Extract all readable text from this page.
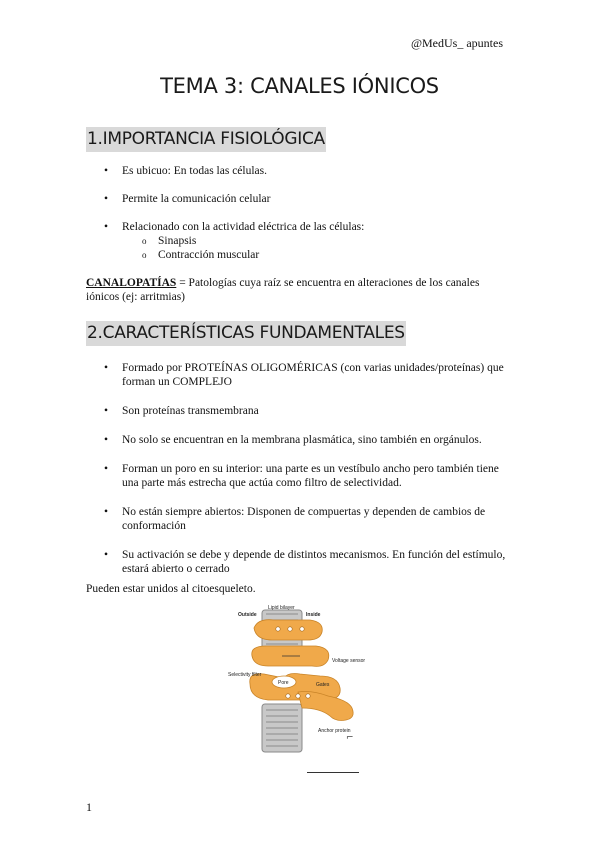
@MedUs_ apuntes
TEMA 3: CANALES IÓNICOS
1.IMPORTANCIA FISIOLÓGICA
• Es ubicuo: En todas las células.
• Permite la comunicación celular
• Relacionado con la actividad eléctrica de las células:
o Sinapsis
o Contracción muscular
CANALOPATÍAS = Patologías cuya raíz se encuentra en alteraciones de los canales iónicos (ej: arritmias)
2.CARACTERÍSTICAS FUNDAMENTALES
• Formado por PROTEÍNAS OLIGOMÉRICAS (con varias unidades/proteínas) que forman un COMPLEJO
• Son proteínas transmembrana
• No solo se encuentran en la membrana plasmática, sino también en orgánulos.
• Forman un poro en su interior: una parte es un vestíbulo ancho pero también tiene una parte más estrecha que actúa como filtro de selectividad.
• No están siempre abiertos: Disponen de compuertas y dependen de cambios de conformación
• Su activación se debe y depende de distintos mecanismos. En función del estímulo, estará abierto o cerrado
Pueden estar unidos al citoesqueleto.
⌐
Lipid bilayer
Outside	Inside
Voltage sensor
Selectivity filter
Pore	Gates
Anchor protein
1
